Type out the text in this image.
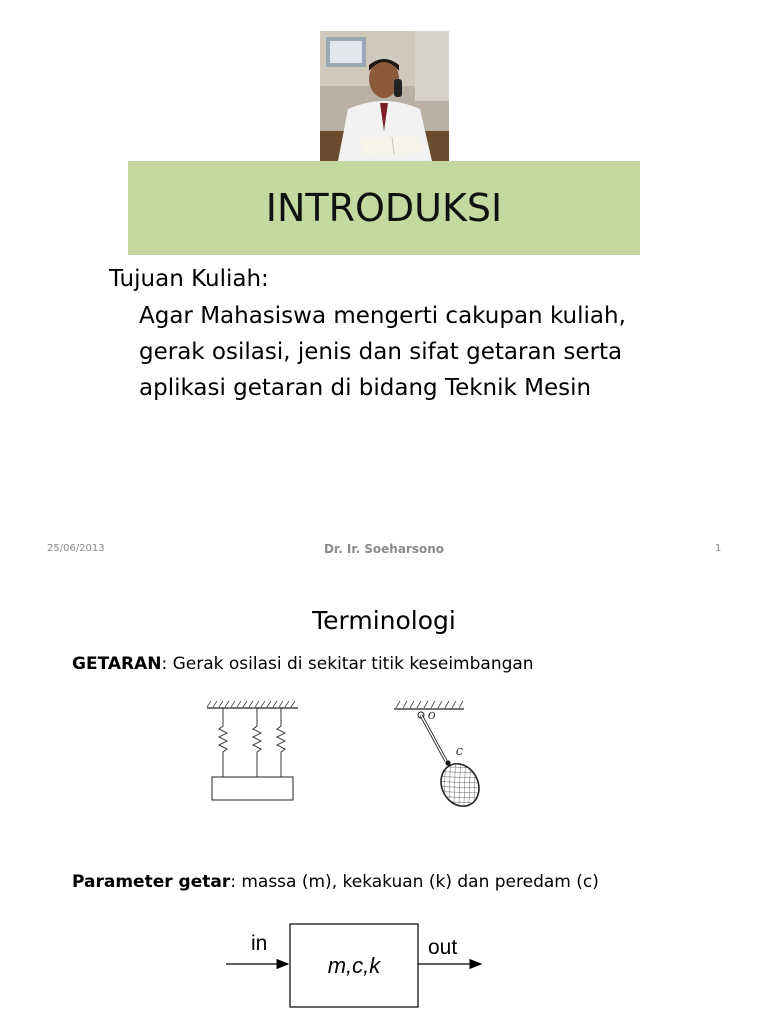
INTRODUKSI
Tujuan Kuliah:
Agar Mahasiswa mengerti cakupan kuliah,
gerak osilasi, jenis dan sifat getaran serta
aplikasi getaran di bidang Teknik Mesin
25/06/2013	Dr. Ir. Soeharsono	1
Terminologi
GETARAN: Gerak osilasi di sekitar titik keseimbangan
O
C
Parameter getar: massa (m), kekakuan (k) dan peredam (c)
in
m,c,k
out
